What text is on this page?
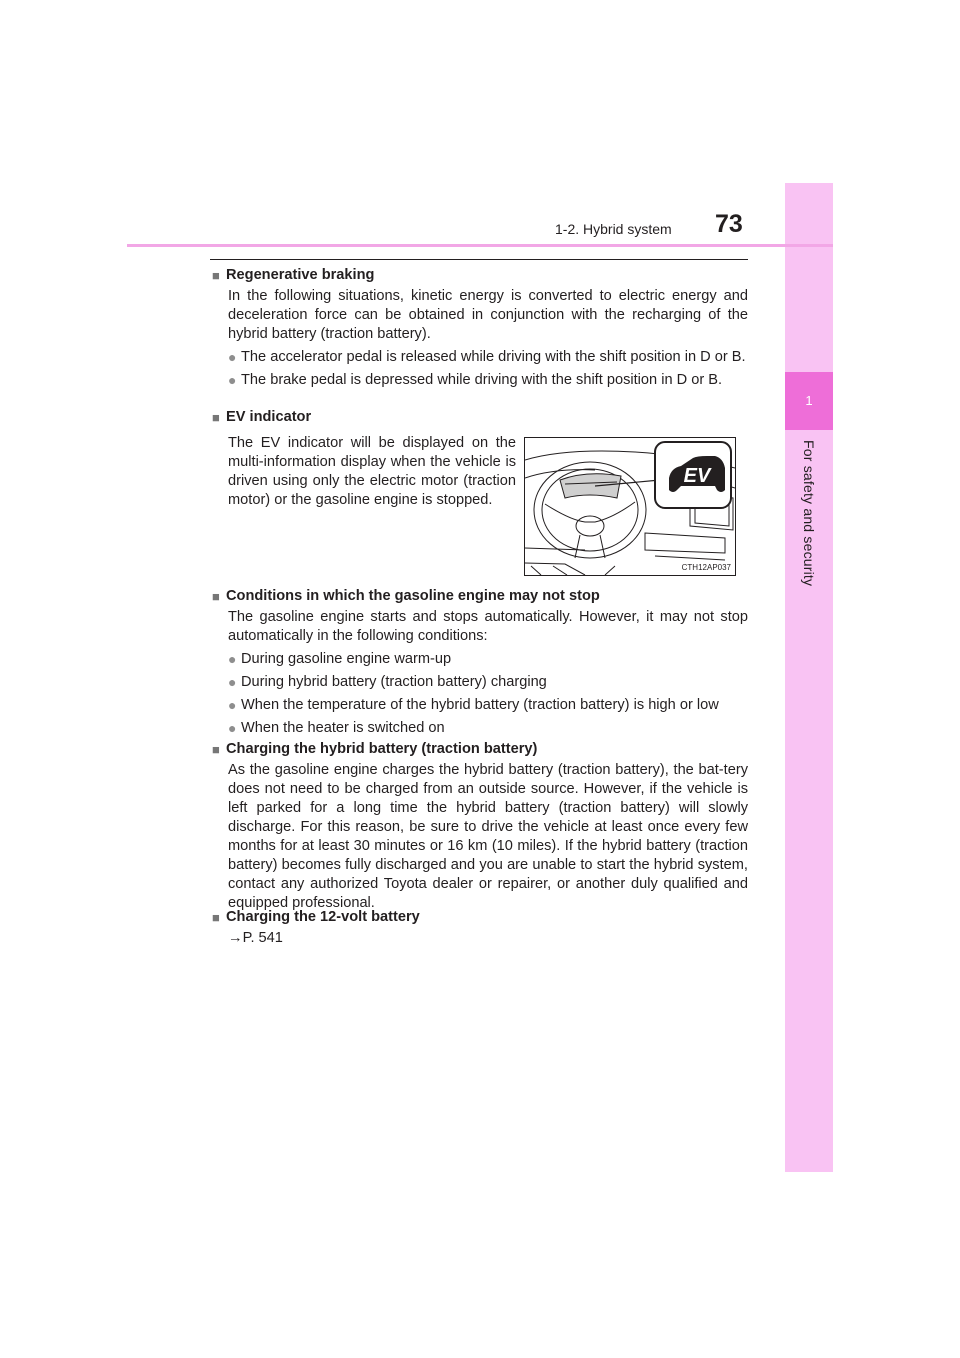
1
For safety and security
1-2. Hybrid system 73
■ Regenerative braking
In the following situations, kinetic energy is converted to electric energy and deceleration force can be obtained in conjunction with the recharging of the hybrid battery (traction battery).
● The accelerator pedal is released while driving with the shift position in D or B.
● The brake pedal is depressed while driving with the shift position in D or B.
■ EV indicator
The EV indicator will be displayed on the multi-information display when the vehicle is driven using only the electric motor (traction motor) or the gasoline engine is stopped.
EV
CTH12AP037
■ Conditions in which the gasoline engine may not stop
The gasoline engine starts and stops automatically. However, it may not stop automatically in the following conditions:
● During gasoline engine warm-up
● During hybrid battery (traction battery) charging
● When the temperature of the hybrid battery (traction battery) is high or low
● When the heater is switched on
■ Charging the hybrid battery (traction battery)
As the gasoline engine charges the hybrid battery (traction battery), the bat-tery does not need to be charged from an outside source. However, if the vehicle is left parked for a long time the hybrid battery (traction battery) will slowly discharge. For this reason, be sure to drive the vehicle at least once every few months for at least 30 minutes or 16 km (10 miles). If the hybrid battery (traction battery) becomes fully discharged and you are unable to start the hybrid system, contact any authorized Toyota dealer or repairer, or another duly qualified and equipped professional.
■ Charging the 12-volt battery
→P. 541
